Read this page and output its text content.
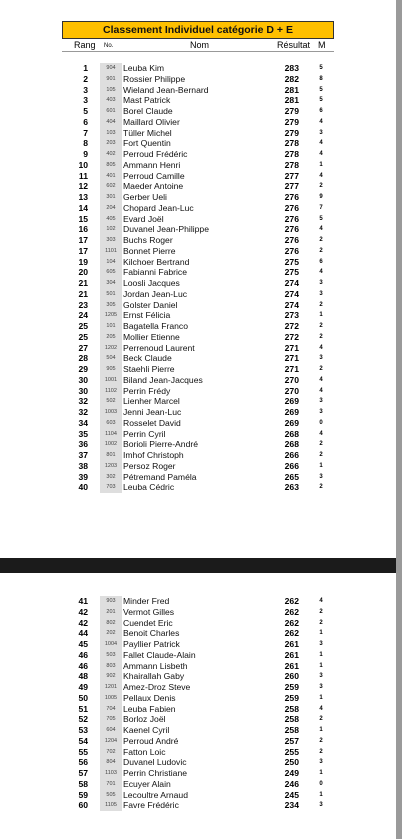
Classement Individuel catégorie D + E
Rang No.	Nom	Résultat M
1	904 Leuba Kim	283	5
2	901 Rossier Philippe	282	8
3	105 Wieland Jean-Bernard	281	5
3	403 Mast Patrick	281	5
5	601 Borel Claude	279	6
6	404 Maillard Olivier	279	4
7	103 Tüller Michel	279	3
8	203 Fort Quentin	278	4
9	402 Perroud Frédéric	278	4
10	805 Ammann Henri	278	1
11	401 Perroud Camille	277	4
12	602 Maeder Antoine	277	2
13	301 Gerber Ueli	276	9
14	204 Chopard Jean-Luc	276	7
15	405 Evard Joël	276	5
16	102 Duvanel Jean-Philippe	276	4
17	303 Buchs Roger	276	2
17	1101 Bonnet Pierre	276	2
19	104 Kilchoer Bertrand	275	6
20	605 Fabianni Fabrice	275	4
21	304 Loosli Jacques	274	3
21	501 Jordan Jean-Luc	274	3
23	305 Golster Daniel	274	2
24	1205 Ernst Félicia	273	1
25	101 Bagatella Franco	272	2
25	205 Mollier Etienne	272	2
27	1202 Perrenoud Laurent	271	4
28	504 Beck Claude	271	3
29	905 Staehli Pierre	271	2
30	1001 Biland Jean-Jacques	270	4
30	1102 Perrin Frédy	270	4
32	502 Lienher Marcel	269	3
32	1003 Jenni Jean-Luc	269	3
34	603 Rosselet David	269	0
35	1104 Perrin Cyril	268	4
36	1002 Borioli Pierre-André	268	2
37	801 Imhof Christoph	266	2
38	1203 Persoz Roger	266	1
39	302 Pétremand Paméla	265	3
40	703 Leuba Cédric	263	2
41	903 Minder Fred	262	4
42	201 Vermot Gilles	262	2
42	802 Cuendet Eric	262	2
44	202 Benoit Charles	262	1
45	1004 Payllier Patrick	261	3
46	503 Fallet Claude-Alain	261	1
46	803 Ammann Lisbeth	261	1
48	902 Khairallah Gaby	260	3
49	1201 Amez-Droz Steve	259	3
50	1005 Pellaux Denis	259	1
51	704 Leuba Fabien	258	4
52	705 Borloz Joël	258	2
53	604 Kaenel Cyril	258	1
54	1204 Perroud André	257	2
55	702 Fatton Loic	255	2
56	804 Duvanel Ludovic	250	3
57	1103 Perrin Christiane	249	1
58	701 Ecuyer Alain	246	0
59	505 Lecoultre Arnaud	245	1
60	1105 Favre Frédéric	234	3
